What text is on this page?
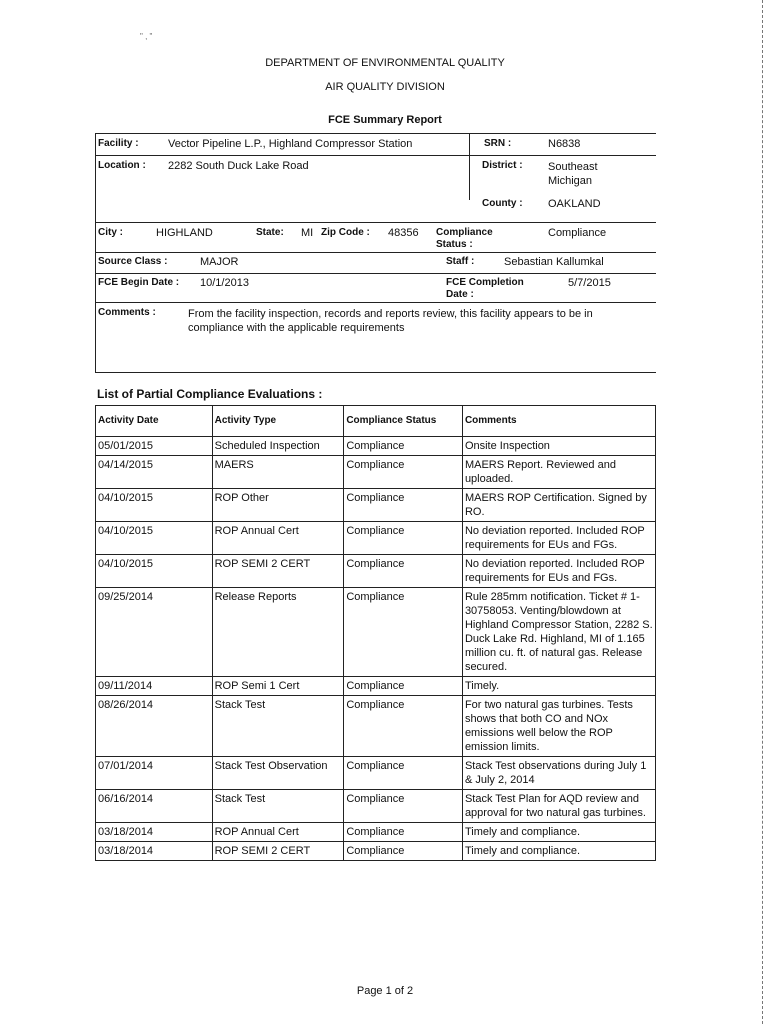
" , "
DEPARTMENT OF ENVIRONMENTAL QUALITY
AIR QUALITY DIVISION
FCE Summary Report
Facility :	Vector Pipeline L.P., Highland Compressor Station	SRN :	N6838
Location : 2282 South Duck Lake Road	District : Southeast Michigan
County : OAKLAND
City :	HIGHLAND	State: MI Zip Code : 48356 Compliance Status :
Compliance
Source Class :	MAJOR	Staff :	Sebastian Kallumkal
FCE Begin Date : 10/1/2013	FCE Completion Date :
5/7/2015
Comments :	From the facility inspection, records and reports review, this facility appears to be in compliance with the applicable requirements
List of Partial Compliance Evaluations :
Activity Date	Activity Type	Compliance Status	Comments
05/01/2015	Scheduled Inspection	Compliance	Onsite Inspection
04/14/2015	MAERS	Compliance	MAERS Report. Reviewed and uploaded.
04/10/2015	ROP Other	Compliance	MAERS ROP Certification. Signed by RO.
04/10/2015	ROP Annual Cert	Compliance	No deviation reported. Included ROP requirements for EUs and FGs.
04/10/2015	ROP SEMI 2 CERT	Compliance	No deviation reported. Included ROP requirements for EUs and FGs.
09/25/2014	Release Reports	Compliance	Rule 285mm notification. Ticket # 1-30758053. Venting/blowdown at Highland Compressor Station, 2282 S. Duck Lake Rd. Highland, MI of 1.165 million cu. ft. of natural gas. Release secured.
09/11/2014	ROP Semi 1 Cert	Compliance	Timely.
08/26/2014	Stack Test	Compliance	For two natural gas turbines. Tests shows that both CO and NOx emissions well below the ROP emission limits.
07/01/2014	Stack Test Observation	Compliance	Stack Test observations during July 1 & July 2, 2014
06/16/2014	Stack Test	Compliance	Stack Test Plan for AQD review and approval for two natural gas turbines.
03/18/2014	ROP Annual Cert	Compliance	Timely and compliance.
03/18/2014	ROP SEMI 2 CERT	Compliance	Timely and compliance.
Page 1 of 2
